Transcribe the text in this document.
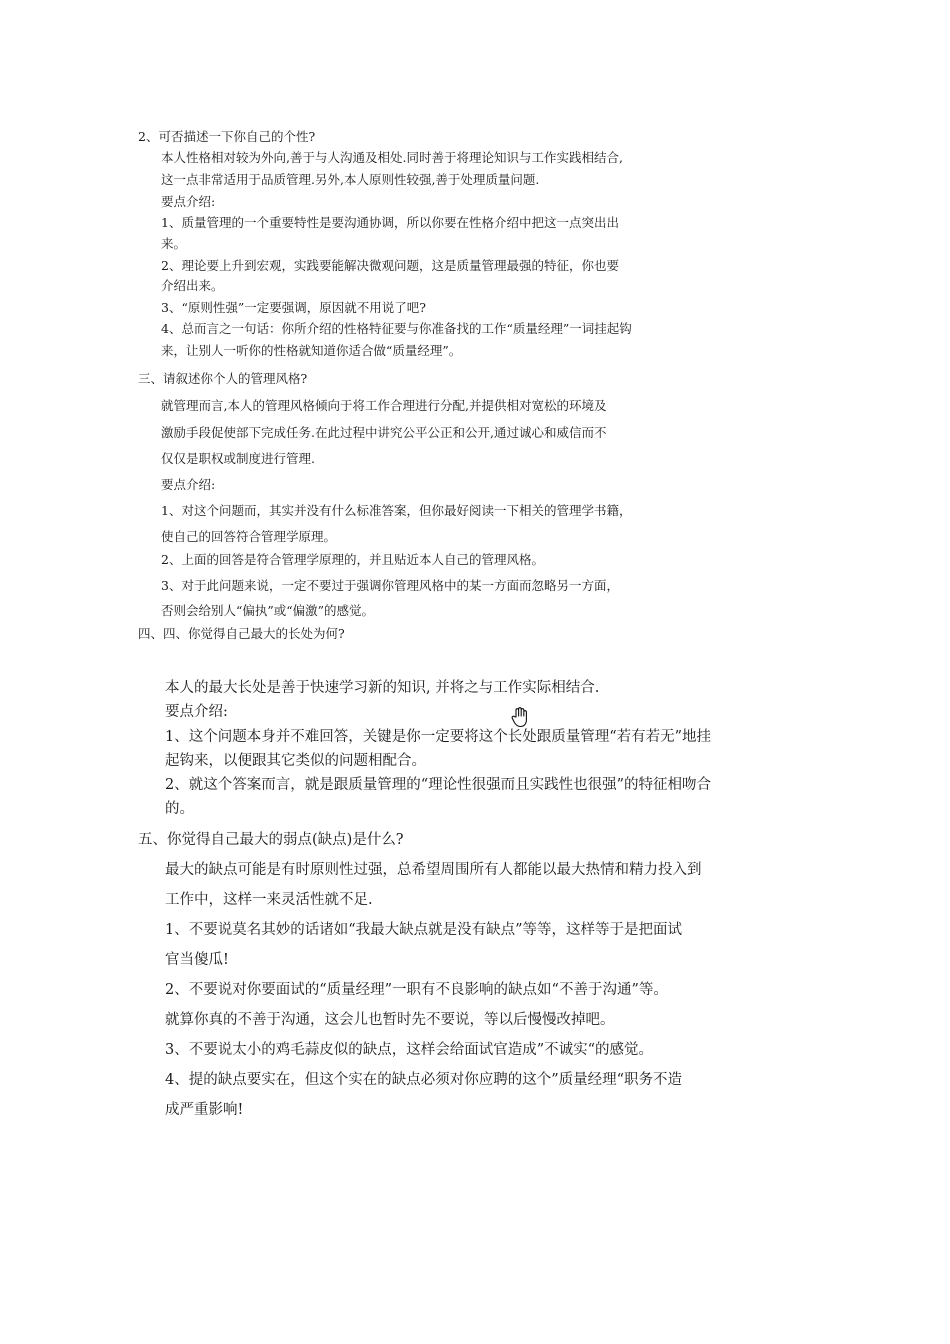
2、可否描述一下你自己的个性?

本人性格相对较为外向,善于与人沟通及相处.同时善于将理论知识与工作实践相结合,

这一点非常适用于品质管理.另外,本人原则性较强,善于处理质量问题.

要点介绍:

1、质量管理的一个重要特性是要沟通协调，所以你要在性格介绍中把这一点突出出

来。

2、理论要上升到宏观，实践要能解决微观问题，这是质量管理最强的特征，你也要

介绍出来。

3、“原则性强”一定要强调，原因就不用说了吧?

4、总而言之一句话：你所介绍的性格特征要与你准备找的工作“质量经理”一词挂起钩

来，让别人一听你的性格就知道你适合做“质量经理”。

三、请叙述你个人的管理风格?

就管理而言,本人的管理风格倾向于将工作合理进行分配,并提供相对宽松的环境及

激励手段促使部下完成任务.在此过程中讲究公平公正和公开,通过诚心和威信而不

仅仅是职权或制度进行管理.

要点介绍:

1、对这个问题而，其实并没有什么标准答案，但你最好阅读一下相关的管理学书籍，

使自己的回答符合管理学原理。

2、上面的回答是符合管理学原理的，并且贴近本人自己的管理风格。

3、对于此问题来说，一定不要过于强调你管理风格中的某一方面而忽略另一方面，

否则会给别人“偏执”或“偏激”的感觉。

四、四、你觉得自己最大的长处为何?

本人的最大长处是善于快速学习新的知识, 并将之与工作实际相结合.

要点介绍:

1、这个问题本身并不难回答，关键是你一定要将这个长处跟质量管理“若有若无”地挂

起钩来，以便跟其它类似的问题相配合。

2、就这个答案而言，就是跟质量管理的“理论性很强而且实践性也很强”的特征相吻合

的。

五、你觉得自己最大的弱点(缺点)是什么?

最大的缺点可能是有时原则性过强，总希望周围所有人都能以最大热情和精力投入到

工作中，这样一来灵活性就不足.

1、不要说莫名其妙的话诸如“我最大缺点就是没有缺点”等等，这样等于是把面试

官当傻瓜!

2、不要说对你要面试的“质量经理”一职有不良影响的缺点如“不善于沟通”等。

就算你真的不善于沟通，这会儿也暂时先不要说，等以后慢慢改掉吧。

3、不要说太小的鸡毛蒜皮似的缺点，这样会给面试官造成”不诚实“的感觉。

4、提的缺点要实在，但这个实在的缺点必须对你应聘的这个”质量经理“职务不造

成严重影响!
